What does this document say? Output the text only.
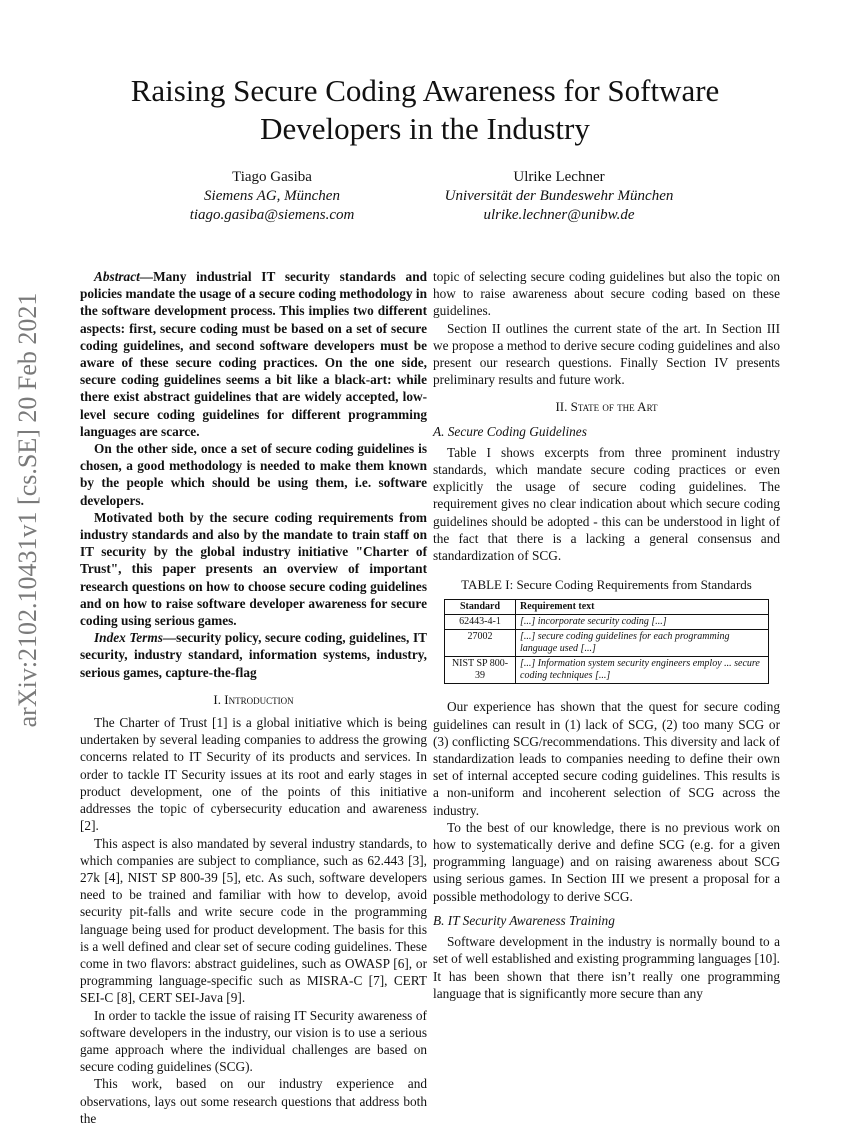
arXiv:2102.10431v1 [cs.SE] 20 Feb 2021
Raising Secure Coding Awareness for Software Developers in the Industry
Tiago Gasiba
Siemens AG, München
tiago.gasiba@siemens.com
Ulrike Lechner
Universität der Bundeswehr München
ulrike.lechner@unibw.de

Abstract—Many industrial IT security standards and policies mandate the usage of a secure coding methodology in the software development process. This implies two different aspects: first, secure coding must be based on a set of secure coding guidelines, and second software developers must be aware of these secure coding practices. On the one side, secure coding guidelines seems a bit like a black-art: while there exist abstract guidelines that are widely accepted, low-level secure coding guidelines for different programming languages are scarce.

On the other side, once a set of secure coding guidelines is chosen, a good methodology is needed to make them known by the people which should be using them, i.e. software developers.

Motivated both by the secure coding requirements from industry standards and also by the mandate to train staff on IT security by the global industry initiative "Charter of Trust", this paper presents an overview of important research questions on how to choose secure coding guidelines and on how to raise software developer awareness for secure coding using serious games.

Index Terms—security policy, secure coding, guidelines, IT security, industry standard, information systems, industry, serious games, capture-the-flag

I. Introduction

The Charter of Trust [1] is a global initiative which is being undertaken by several leading companies to address the growing concerns related to IT Security of its products and services. In order to tackle IT Security issues at its root and early stages in product development, one of the points of this initiative addresses the topic of cybersecurity education and awareness [2].

This aspect is also mandated by several industry standards, to which companies are subject to compliance, such as 62.443 [3], 27k [4], NIST SP 800-39 [5], etc. As such, software developers need to be trained and familiar with how to develop, avoid security pit-falls and write secure code in the programming language being used for product development. The basis for this is a well defined and clear set of secure coding guidelines. These come in two flavors: abstract guidelines, such as OWASP [6], or programming language-specific such as MISRA-C [7], CERT SEI-C [8], CERT SEI-Java [9].

In order to tackle the issue of raising IT Security awareness of software developers in the industry, our vision is to use a serious game approach where the individual challenges are based on secure coding guidelines (SCG).

This work, based on our industry experience and observations, lays out some research questions that address both the

topic of selecting secure coding guidelines but also the topic on how to raise awareness about secure coding based on these guidelines.

Section II outlines the current state of the art. In Section III we propose a method to derive secure coding guidelines and also present our research questions. Finally Section IV presents preliminary results and future work.

II. State of the Art

A. Secure Coding Guidelines

Table I shows excerpts from three prominent industry standards, which mandate secure coding practices or even explicitly the usage of secure coding guidelines. The requirement gives no clear indication about which secure coding guidelines should be adopted - this can be understood in light of the fact that there is a lacking a general consensus and standardization of SCG.

TABLE I: Secure Coding Requirements from Standards

Standard	Requirement text
62443-4-1	[...] incorporate security coding [...]
27002	[...] secure coding guidelines for each programming language used [...]
NIST SP 800-39	[...] Information system security engineers employ ... secure coding techniques [...]

Our experience has shown that the quest for secure coding guidelines can result in (1) lack of SCG, (2) too many SCG or (3) conflicting SCG/recommendations. This diversity and lack of standardization leads to companies needing to define their own set of internal accepted secure coding guidelines. This results is a non-uniform and incoherent selection of SCG across the industry.

To the best of our knowledge, there is no previous work on how to systematically derive and define SCG (e.g. for a given programming language) and on raising awareness about SCG using serious games. In Section III we present a proposal for a possible methodology to derive SCG.

B. IT Security Awareness Training

Software development in the industry is normally bound to a set of well established and existing programming languages [10]. It has been shown that there isn’t really one programming language that is significantly more secure than any
